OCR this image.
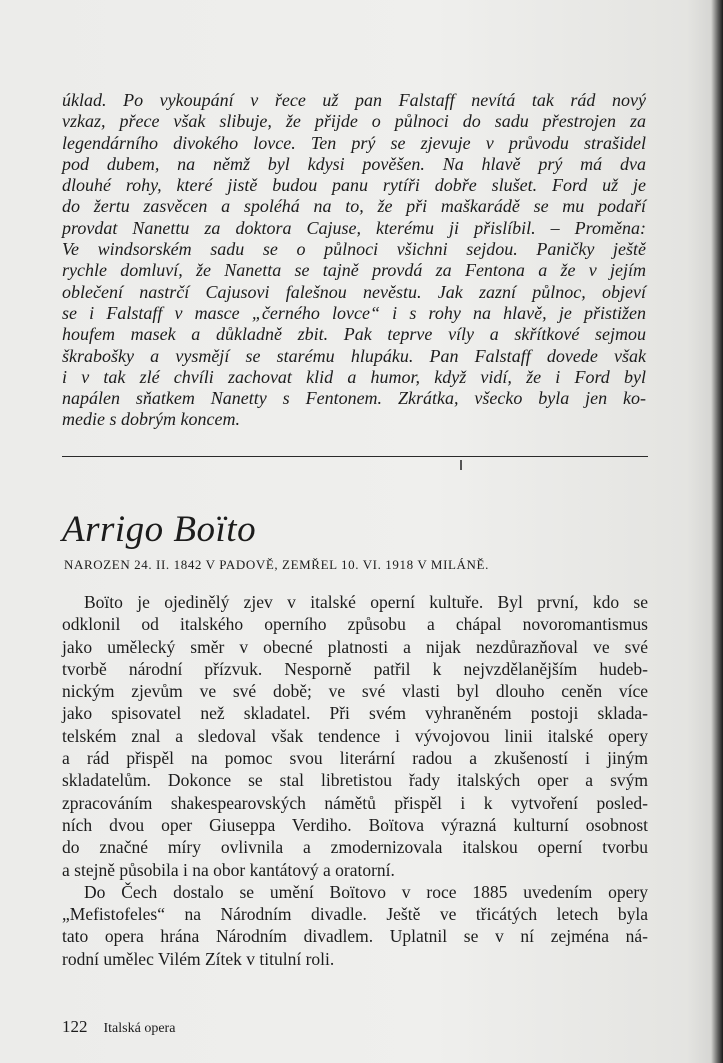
úklad. Po vykoupání v řece už pan Falstaff nevítá tak rád nový
vzkaz, přece však slibuje, že přijde o půlnoci do sadu přestrojen za
legendárního divokého lovce. Ten prý se zjevuje v průvodu strašidel
pod dubem, na němž byl kdysi pověšen. Na hlavě prý má dva
dlouhé rohy, které jistě budou panu rytíři dobře slušet. Ford už je
do žertu zasvěcen a spoléhá na to, že při maškarádě se mu podaří
provdat Nanettu za doktora Cajuse, kterému ji přislíbil. – Proměna:
Ve windsorském sadu se o půlnoci všichni sejdou. Paničky ještě
rychle domluví, že Nanetta se tajně provdá za Fentona a že v jejím
oblečení nastrčí Cajusovi falešnou nevěstu. Jak zazní půlnoc, objeví
se i Falstaff v masce „černého lovce“ i s rohy na hlavě, je přistižen
houfem masek a důkladně zbit. Pak teprve víly a skřítkové sejmou
škraboškу a vysmějí se starému hlupáku. Pan Falstaff dovede však
i v tak zlé chvíli zachovat klid a humor, když vidí, že i Ford byl
napálen sňatkem Nanetty s Fentonem. Zkrátka, všecko byla jen ko-
medie s dobrým koncem.
Arrigo Boïto
NAROZEN 24. II. 1842 V PADOVĚ, ZEMŘEL 10. VI. 1918 V MILÁNĚ.
Boïto je ojedinělý zjev v italské operní kultuře. Byl první, kdo se
odklonil od italského operního způsobu a chápal novoromantismus
jako umělecký směr v obecné platnosti a nijak nezdůrazňoval ve své
tvorbě národní přízvuk. Nesporně patřil k nejvzdělanějším hudeb-
nickým zjevům ve své době; ve své vlasti byl dlouho ceněn více
jako spisovatel než skladatel. Při svém vyhraněném postoji sklada-
telském znal a sledoval však tendence i vývojovou linii italské opery
a rád přispěl na pomoc svou literární radou a zkušeností i jiným
skladatelům. Dokonce se stal libretistou řady italských oper a svým
zpracováním shakespearovských námětů přispěl i k vytvoření posled-
ních dvou oper Giuseppa Verdiho. Boïtova výrazná kulturní osobnost
do značné míry ovlivnila a zmodernizovala italskou operní tvorbu
a stejně působila i na obor kantátový a oratorní.
Do Čech dostalo se umění Boïtovo v roce 1885 uvedením opery
„Mefistofeles“ na Národním divadle. Ještě ve třicátých letech byla
tato opera hrána Národním divadlem. Uplatnil se v ní zejména ná-
rodní umělec Vilém Zítek v titulní roli.
122 Italská opera
